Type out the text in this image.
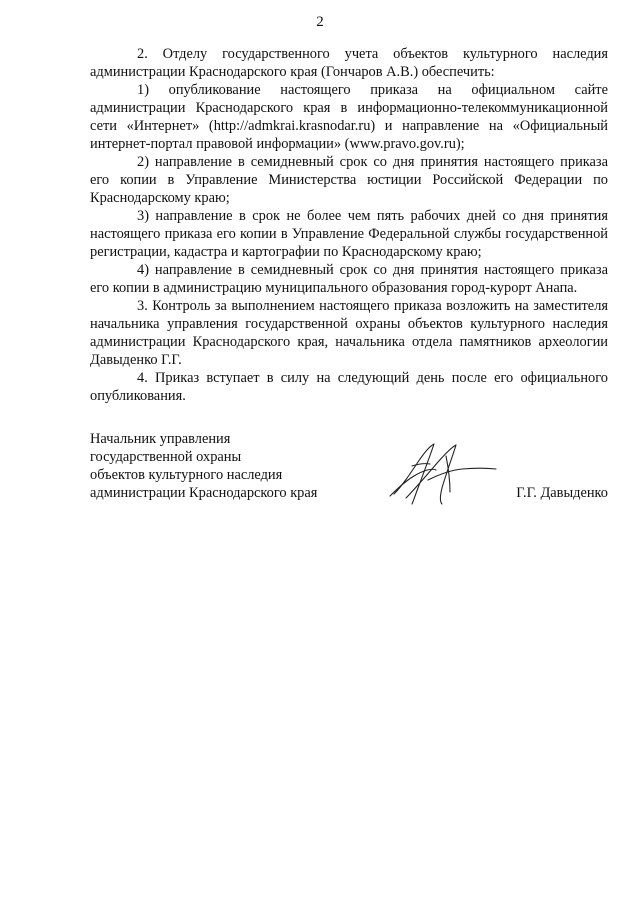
2

2. Отделу государственного учета объектов культурного наследия администрации Краснодарского края (Гончаров А.В.) обеспечить:

1) опубликование настоящего приказа на официальном сайте администрации Краснодарского края в информационно-телекоммуникационной сети «Интернет» (http://admkrai.krasnodar.ru) и направление на «Официальный интернет-портал правовой информации» (www.pravo.gov.ru);

2) направление в семидневный срок со дня принятия настоящего приказа его копии в Управление Министерства юстиции Российской Федерации по Краснодарскому краю;

3) направление в срок не более чем пять рабочих дней со дня принятия настоящего приказа его копии в Управление Федеральной службы государственной регистрации, кадастра и картографии по Краснодарскому краю;

4) направление в семидневный срок со дня принятия настоящего приказа его копии в администрацию муниципального образования город-курорт Анапа.

3. Контроль за выполнением настоящего приказа возложить на заместителя начальника управления государственной охраны объектов культурного наследия администрации Краснодарского края, начальника отдела памятников археологии Давыденко Г.Г.

4. Приказ вступает в силу на следующий день после его официального опубликования.

Начальник управления
государственной охраны
объектов культурного наследия
администрации Краснодарского края	Г.Г. Давыденко
